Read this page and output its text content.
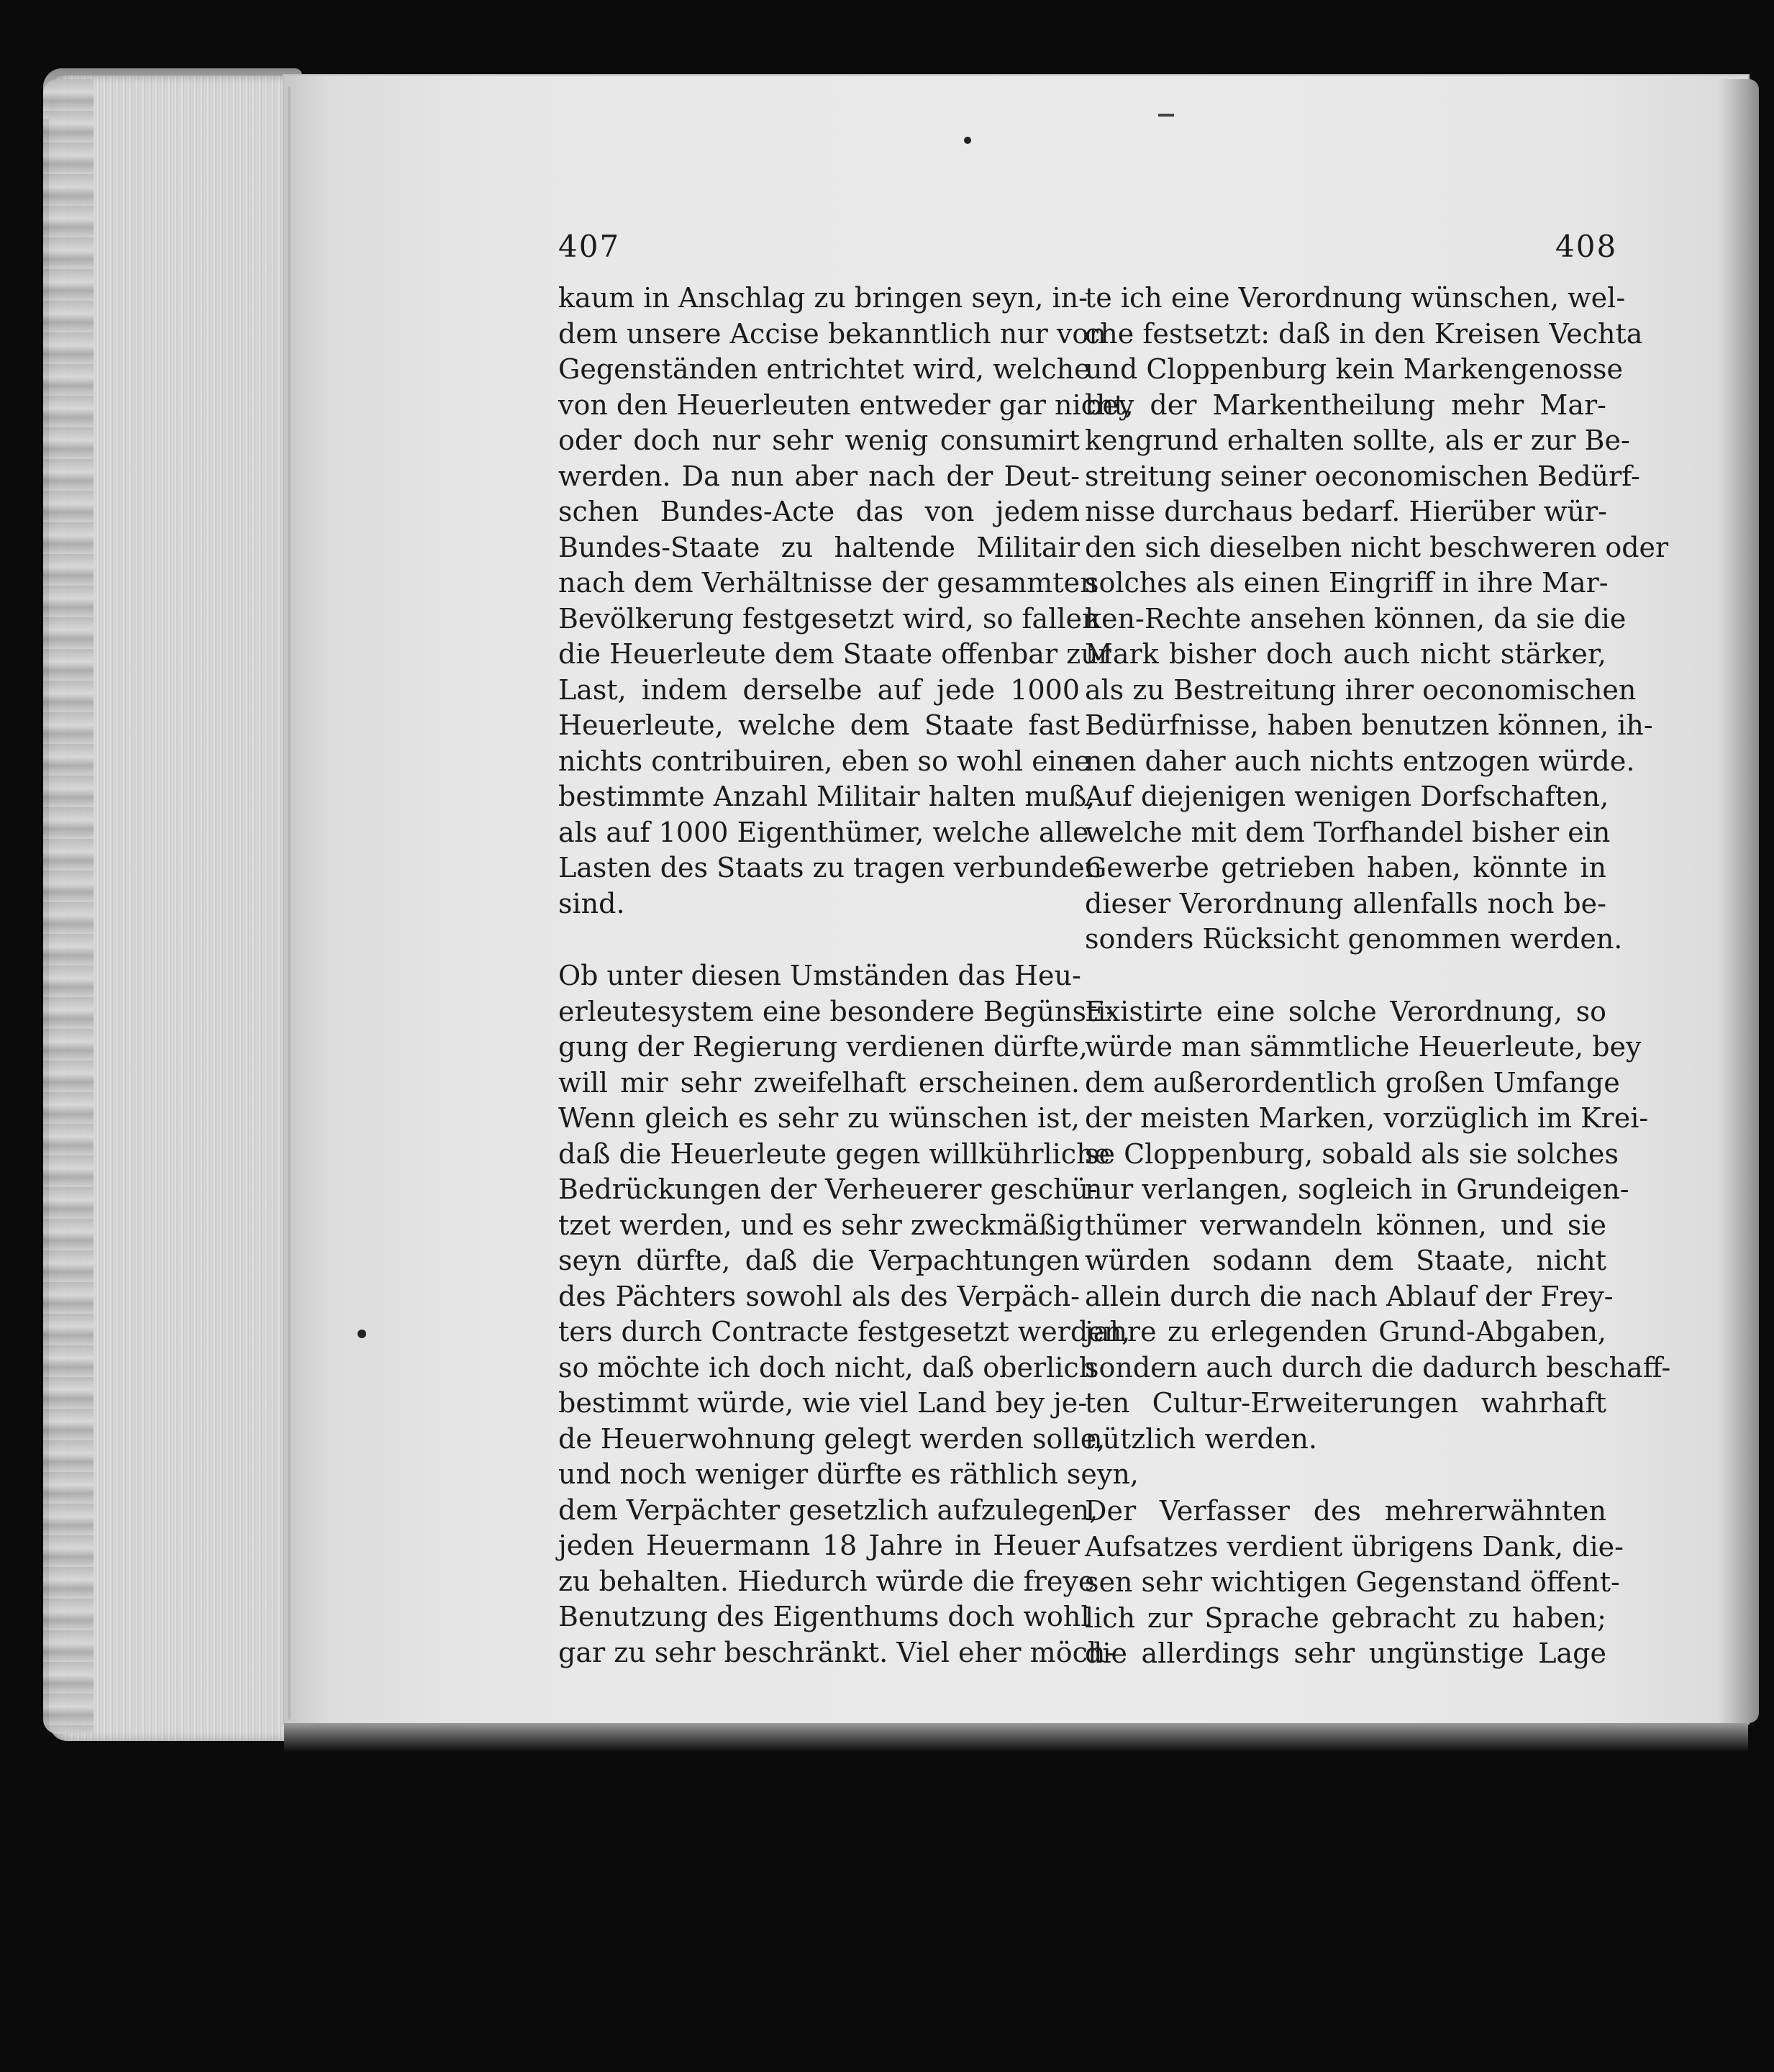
407	408
kaum in Anschlag zu bringen seyn, in-
dem unsere Accise bekanntlich nur von
Gegenständen entrichtet wird, welche
von den Heuerleuten entweder gar nicht,
oder doch nur sehr wenig consumirt
werden. Da nun aber nach der Deut-
schen Bundes-Acte das von jedem
Bundes-Staate zu haltende Militair
nach dem Verhältnisse der gesammten
Bevölkerung festgesetzt wird, so fallen
die Heuerleute dem Staate offenbar zur
Last, indem derselbe auf jede 1000
Heuerleute, welche dem Staate fast
nichts contribuiren, eben so wohl eine
bestimmte Anzahl Militair halten muß,
als auf 1000 Eigenthümer, welche alle
Lasten des Staats zu tragen verbunden
sind.
Ob unter diesen Umständen das Heu-
erleutesystem eine besondere Begünsti-
gung der Regierung verdienen dürfte,
will mir sehr zweifelhaft erscheinen.
Wenn gleich es sehr zu wünschen ist,
daß die Heuerleute gegen willkührliche
Bedrückungen der Verheuerer geschü-
tzet werden, und es sehr zweckmäßig
seyn dürfte, daß die Verpachtungen
des Pächters sowohl als des Verpäch-
ters durch Contracte festgesetzt werden,
so möchte ich doch nicht, daß oberlich
bestimmt würde, wie viel Land bey je-
de Heuerwohnung gelegt werden solle,
und noch weniger dürfte es räthlich seyn,
dem Verpächter gesetzlich aufzulegen,
jeden Heuermann 18 Jahre in Heuer
zu behalten. Hiedurch würde die freye
Benutzung des Eigenthums doch wohl
gar zu sehr beschränkt. Viel eher möch-
te ich eine Verordnung wünschen, wel-
che festsetzt: daß in den Kreisen Vechta
und Cloppenburg kein Markengenosse
bey der Markentheilung mehr Mar-
kengrund erhalten sollte, als er zur Be-
streitung seiner oeconomischen Bedürf-
nisse durchaus bedarf. Hierüber wür-
den sich dieselben nicht beschweren oder
solches als einen Eingriff in ihre Mar-
ken-Rechte ansehen können, da sie die
Mark bisher doch auch nicht stärker,
als zu Bestreitung ihrer oeconomischen
Bedürfnisse, haben benutzen können, ih-
nen daher auch nichts entzogen würde.
Auf diejenigen wenigen Dorfschaften,
welche mit dem Torfhandel bisher ein
Gewerbe getrieben haben, könnte in
dieser Verordnung allenfalls noch be-
sonders Rücksicht genommen werden.
Existirte eine solche Verordnung, so
würde man sämmtliche Heuerleute, bey
dem außerordentlich großen Umfange
der meisten Marken, vorzüglich im Krei-
se Cloppenburg, sobald als sie solches
nur verlangen, sogleich in Grundeigen-
thümer verwandeln können, und sie
würden sodann dem Staate, nicht
allein durch die nach Ablauf der Frey-
jahre zu erlegenden Grund-Abgaben,
sondern auch durch die dadurch beschaff-
ten Cultur-Erweiterungen wahrhaft
nützlich werden.
Der Verfasser des mehrerwähnten
Aufsatzes verdient übrigens Dank, die-
sen sehr wichtigen Gegenstand öffent-
lich zur Sprache gebracht zu haben;
die allerdings sehr ungünstige Lage
